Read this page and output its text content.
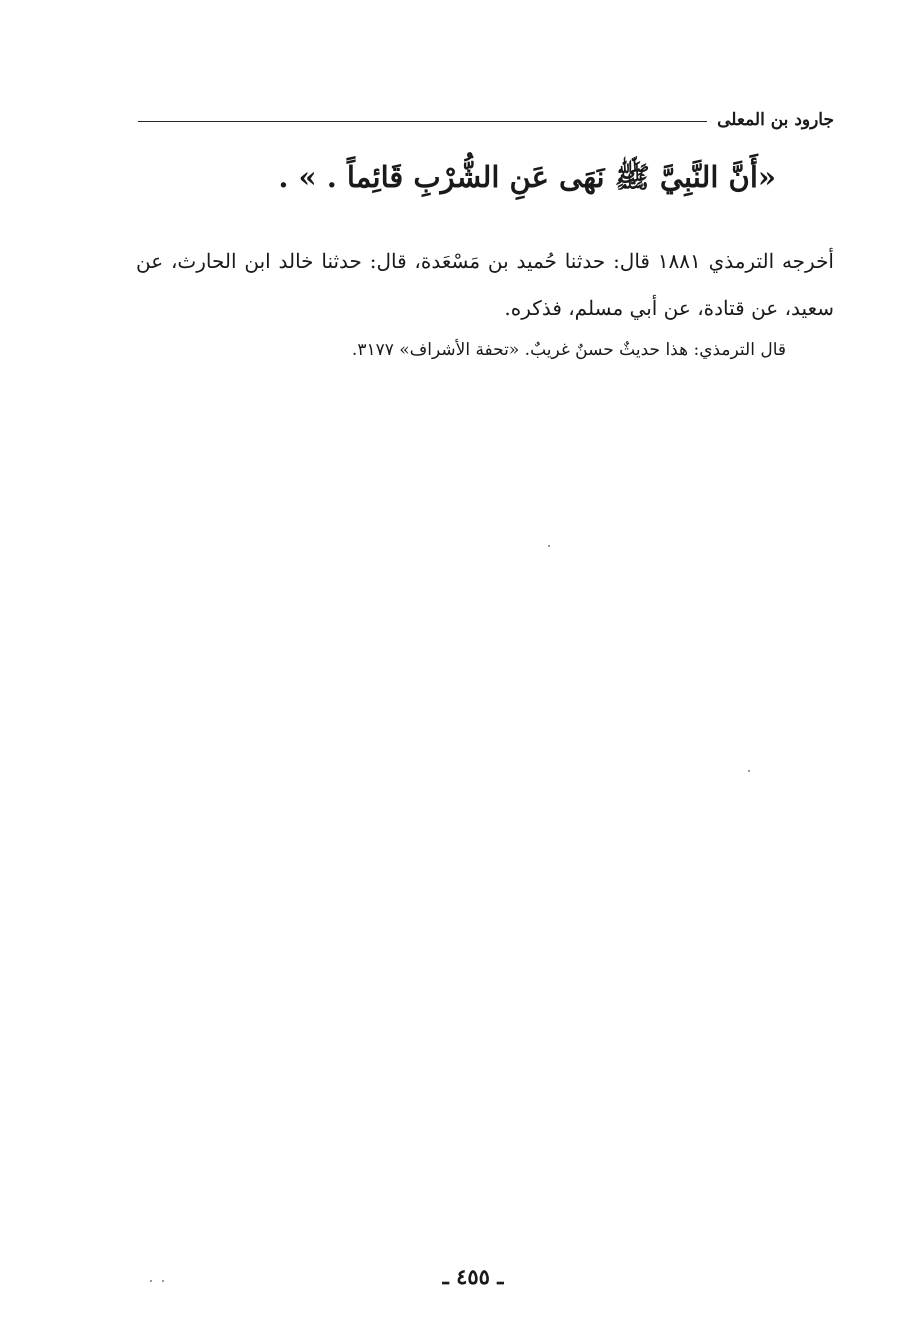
جارود بن المعلى
«أَنَّ النَّبِيَّ ﷺ نَهَى عَنِ الشُّرْبِ قَائِماً . » .

أخرجه الترمذي ١٨٨١ قال: حدثنا حُميد بن مَسْعَدة، قال: حدثنا خالد ابن الحارث، عن سعيد، عن قتادة، عن أبي مسلم، فذكره.

قال الترمذي: هذا حديثٌ حسنٌ غريبٌ. «تحفة الأشراف» ٣١٧٧.
ـ ٤٥٥ ـ
